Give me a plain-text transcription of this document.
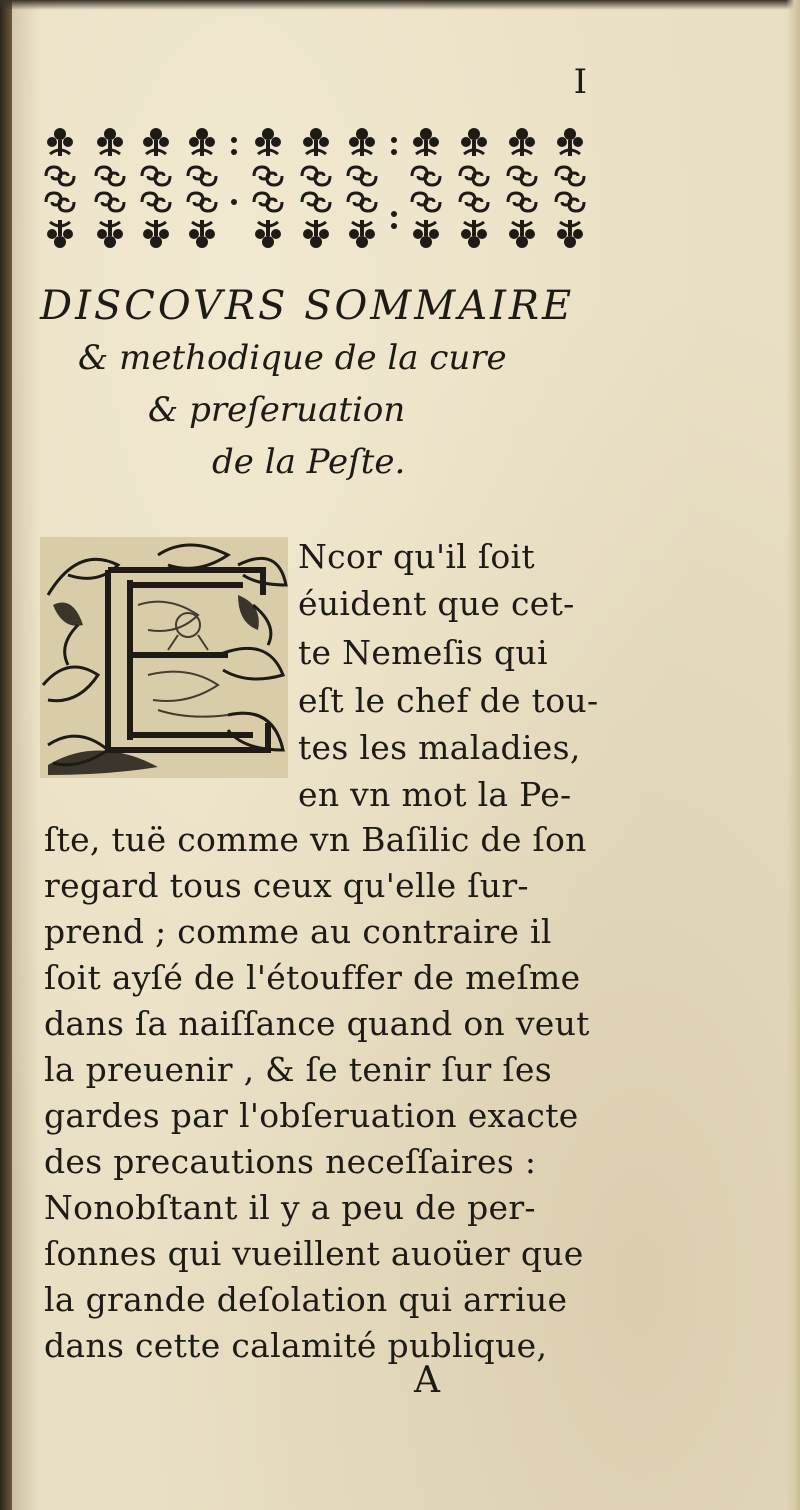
I
DISCOVRS SOMMAIRE
& methodique de la cure
& preſeruation
de la Peſte.
E
Ncor qu'il ſoit
éuident que cet-
te Nemeſis qui
eſt le chef de tou-
tes les maladies,
en vn mot la Pe-
ſte, tuë comme vn Baſilic de ſon
regard tous ceux qu'elle ſur-
prend ; comme au contraire il
ſoit ayſé de l'étouffer de meſme
dans ſa naiſſance quand on veut
la preuenir , & ſe tenir ſur ſes
gardes par l'obſeruation exacte
des precautions neceſſaires :
Nonobſtant il y a peu de per-
ſonnes qui vueillent auoüer que
la grande deſolation qui arriue
dans cette calamité publique,
A
